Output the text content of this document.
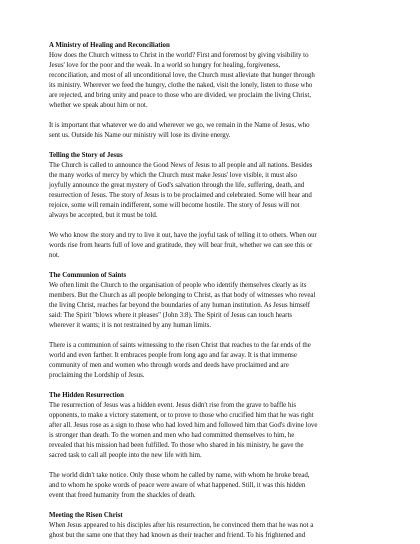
A Ministry of Healing and Reconciliation

How does the Church witness to Christ in the world? First and foremost by giving visibility to
Jesus' love for the poor and the weak. In a world so hungry for healing, forgiveness,
reconciliation, and most of all unconditional love, the Church must alleviate that hunger through
its ministry. Wherever we feed the hungry, clothe the naked, visit the lonely, listen to those who
are rejected, and bring unity and peace to those who are divided, we proclaim the living Christ,
whether we speak about him or not.

It is important that whatever we do and wherever we go, we remain in the Name of Jesus, who
sent us. Outside his Name our ministry will lose its divine energy.

Telling the Story of Jesus

The Church is called to announce the Good News of Jesus to all people and all nations. Besides
the many works of mercy by which the Church must make Jesus' love visible, it must also
joyfully announce the great mystery of God's salvation through the life, suffering, death, and
resurrection of Jesus. The story of Jesus is to be proclaimed and celebrated. Some will hear and
rejoice, some will remain indifferent, some will become hostile. The story of Jesus will not
always be accepted, but it must be told.

We who know the story and try to live it out, have the joyful task of telling it to others. When our
words rise from hearts full of love and gratitude, they will bear fruit, whether we can see this or
not.

The Communion of Saints

We often limit the Church to the organisation of people who identify themselves clearly as its
members. But the Church as all people belonging to Christ, as that body of witnesses who reveal
the living Christ, reaches far beyond the boundaries of any human institution. As Jesus himself
said: The Spirit "blows where it pleases" (John 3:8). The Spirit of Jesus can touch hearts
wherever it wants; it is not restrained by any human limits.

There is a communion of saints witnessing to the risen Christ that reaches to the far ends of the
world and even farther. It embraces people from long ago and far away. It is that immense
community of men and women who through words and deeds have proclaimed and are
proclaiming the Lordship of Jesus.

The Hidden Resurrection

The resurrection of Jesus was a hidden event. Jesus didn't rise from the grave to baffle his
opponents, to make a victory statement, or to prove to those who crucified him that he was right
after all. Jesus rose as a sign to those who had loved him and followed him that God's divine love
is stronger than death. To the women and men who had committed themselves to him, he
revealed that his mission had been fulfilled. To those who shared in his ministry, he gave the
sacred task to call all people into the new life with him.

The world didn't take notice. Only those whom he called by name, with whom he broke bread,
and to whom he spoke words of peace were aware of what happened. Still, it was this hidden
event that freed humanity from the shackles of death.

Meeting the Risen Christ

When Jesus appeared to his disciples after his resurrection, he convinced them that he was not a
ghost but the same one that they had known as their teacher and friend. To his frightened and
